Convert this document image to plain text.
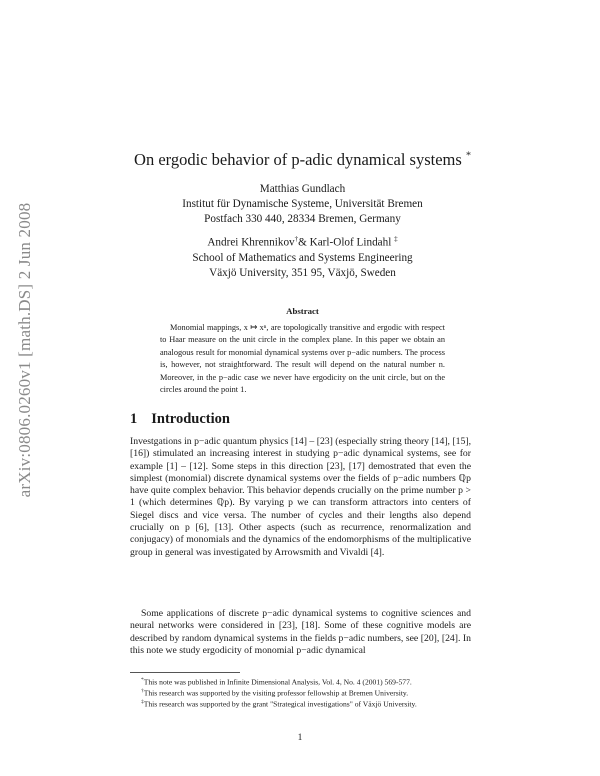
arXiv:0806.0260v1 [math.DS] 2 Jun 2008
On ergodic behavior of p-adic dynamical systems *
Matthias Gundlach
Institut für Dynamische Systeme, Universität Bremen
Postfach 330 440, 28334 Bremen, Germany
Andrei Khrennikov†& Karl-Olof Lindahl ‡
School of Mathematics and Systems Engineering
Växjö University, 351 95, Växjö, Sweden
Abstract
Monomial mappings, x ↦ xⁿ, are topologically transitive and ergodic with respect to Haar measure on the unit circle in the complex plane. In this paper we obtain an analogous result for monomial dynamical systems over p−adic numbers. The process is, however, not straightforward. The result will depend on the natural number n. Moreover, in the p−adic case we never have ergodicity on the unit circle, but on the circles around the point 1.
1 Introduction
Investgations in p−adic quantum physics [14] – [23] (especially string theory [14], [15], [16]) stimulated an increasing interest in studying p−adic dynamical systems, see for example [1] – [12]. Some steps in this direction [23], [17] demostrated that even the simplest (monomial) discrete dynamical systems over the fields of p−adic numbers ℚp have quite complex behavior. This behavior depends crucially on the prime number p > 1 (which determines ℚp). By varying p we can transform attractors into centers of Siegel discs and vice versa. The number of cycles and their lengths also depend crucially on p [6], [13]. Other aspects (such as recurrence, renormalization and conjugacy) of monomials and the dynamics of the endomorphisms of the multiplicative group in general was investigated by Arrowsmith and Vivaldi [4].
Some applications of discrete p−adic dynamical systems to cognitive sciences and neural networks were considered in [23], [18]. Some of these cognitive models are described by random dynamical systems in the fields p−adic numbers, see [20], [24]. In this note we study ergodicity of monomial p−adic dynamical
*This note was published in Infinite Dimensional Analysis, Vol. 4, No. 4 (2001) 569-577.
†This research was supported by the visiting professor fellowship at Bremen University.
‡This research was supported by the grant "Strategical investigations" of Växjö University.
1
